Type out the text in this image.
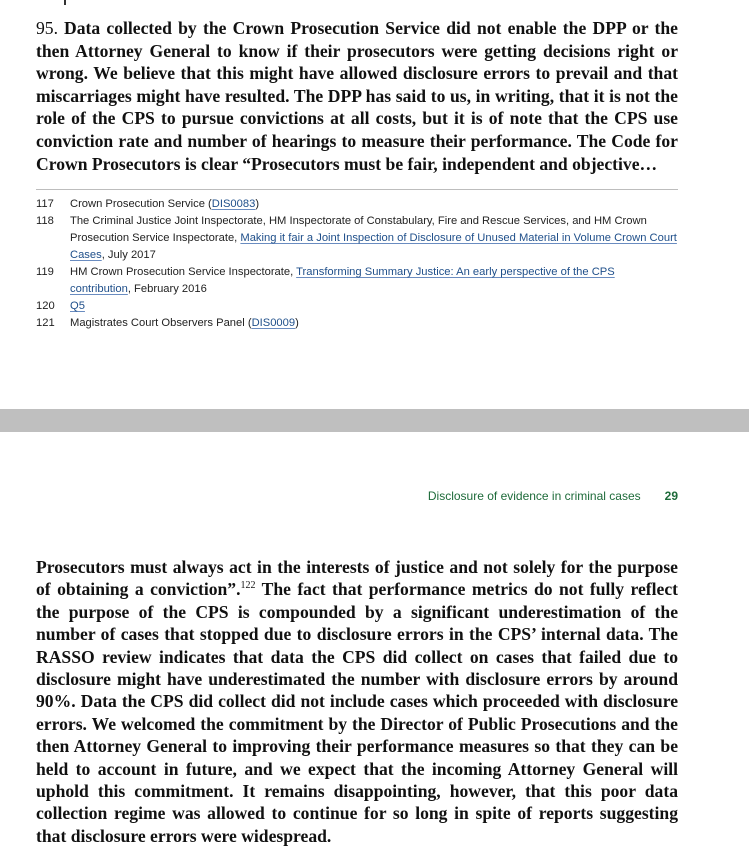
95. Data collected by the Crown Prosecution Service did not enable the DPP or the then Attorney General to know if their prosecutors were getting decisions right or wrong. We believe that this might have allowed disclosure errors to prevail and that miscarriages might have resulted. The DPP has said to us, in writing, that it is not the role of the CPS to pursue convictions at all costs, but it is of note that the CPS use conviction rate and number of hearings to measure their performance. The Code for Crown Prosecutors is clear “Prosecutors must be fair, independent and objective…

117	Crown Prosecution Service (DIS0083)
118	The Criminal Justice Joint Inspectorate, HM Inspectorate of Constabulary, Fire and Rescue Services, and HM Crown Prosecution Service Inspectorate, Making it fair a Joint Inspection of Disclosure of Unused Material in Volume Crown Court Cases, July 2017
119	HM Crown Prosecution Service Inspectorate, Transforming Summary Justice: An early perspective of the CPS contribution, February 2016
120	Q5
121	Magistrates Court Observers Panel (DIS0009)
Disclosure of evidence in criminal cases 29

Prosecutors must always act in the interests of justice and not solely for the purpose of obtaining a conviction”.$^{122}$ The fact that performance metrics do not fully reflect the purpose of the CPS is compounded by a significant underestimation of the number of cases that stopped due to disclosure errors in the CPS’ internal data. The RASSO review indicates that data the CPS did collect on cases that failed due to disclosure might have underestimated the number with disclosure errors by around 90%. Data the CPS did collect did not include cases which proceeded with disclosure errors. We welcomed the commitment by the Director of Public Prosecutions and the then Attorney General to improving their performance measures so that they can be held to account in future, and we expect that the incoming Attorney General will uphold this commitment. It remains disappointing, however, that this poor data collection regime was allowed to continue for so long in spite of reports suggesting that disclosure errors were widespread.
